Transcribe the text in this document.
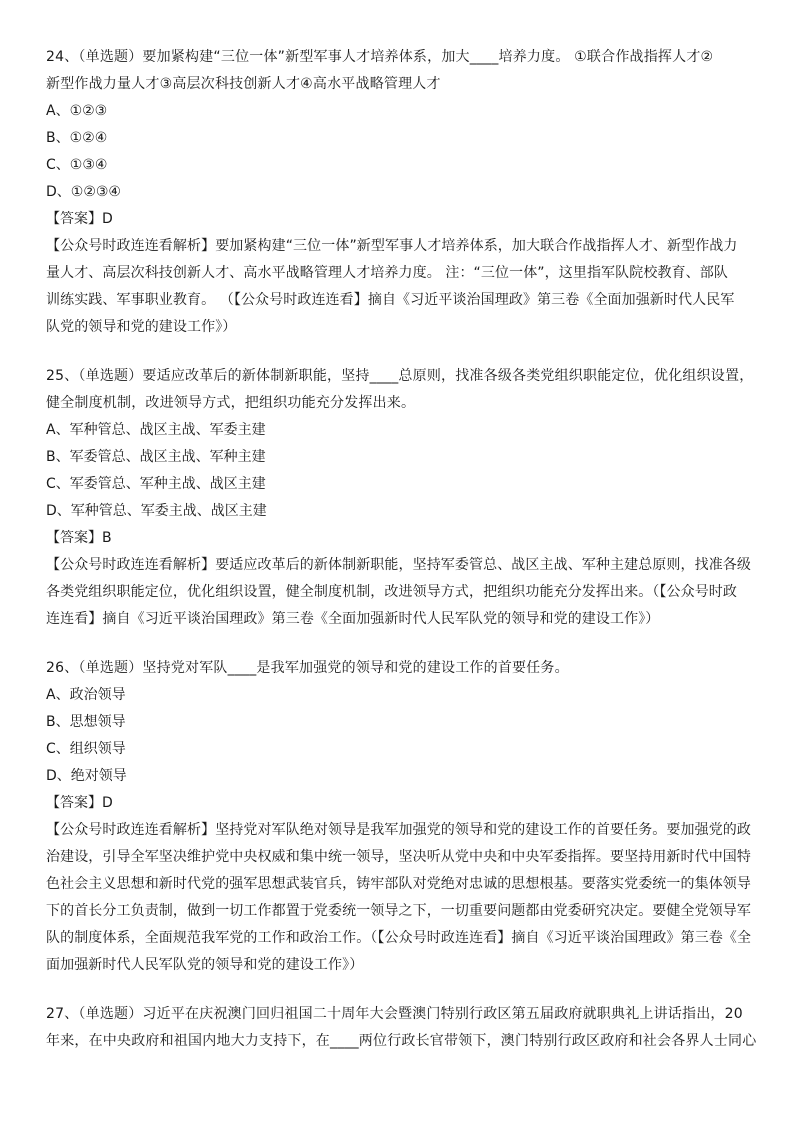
24、（单选题）要加紧构建“三位一体”新型军事人才培养体系，加大____培养力度。 ①联合作战指挥人才②
新型作战力量人才③高层次科技创新人才④高水平战略管理人才
A、①②③
B、①②④
C、①③④
D、①②③④
【答案】D
【公众号时政连连看解析】要加紧构建“三位一体”新型军事人才培养体系，加大联合作战指挥人才、新型作战力
量人才、高层次科技创新人才、高水平战略管理人才培养力度。 注：“三位一体”，这里指军队院校教育、部队
训练实践、军事职业教育。 （【公众号时政连连看】摘自《习近平谈治国理政》第三卷《全面加强新时代人民军
队党的领导和党的建设工作》）
25、（单选题）要适应改革后的新体制新职能，坚持____总原则，找准各级各类党组织职能定位，优化组织设置，
健全制度机制，改进领导方式，把组织功能充分发挥出来。
A、军种管总、战区主战、军委主建
B、军委管总、战区主战、军种主建
C、军委管总、军种主战、战区主建
D、军种管总、军委主战、战区主建
【答案】B
【公众号时政连连看解析】要适应改革后的新体制新职能，坚持军委管总、战区主战、军种主建总原则，找准各级
各类党组织职能定位，优化组织设置，健全制度机制，改进领导方式，把组织功能充分发挥出来。（【公众号时政
连连看】摘自《习近平谈治国理政》第三卷《全面加强新时代人民军队党的领导和党的建设工作》）
26、（单选题）坚持党对军队____是我军加强党的领导和党的建设工作的首要任务。
A、政治领导
B、思想领导
C、组织领导
D、绝对领导
【答案】D
【公众号时政连连看解析】坚持党对军队绝对领导是我军加强党的领导和党的建设工作的首要任务。要加强党的政
治建设，引导全军坚决维护党中央权威和集中统一领导，坚决听从党中央和中央军委指挥。要坚持用新时代中国特
色社会主义思想和新时代党的强军思想武装官兵，铸牢部队对党绝对忠诚的思想根基。要落实党委统一的集体领导
下的首长分工负责制，做到一切工作都置于党委统一领导之下，一切重要问题都由党委研究决定。要健全党领导军
队的制度体系，全面规范我军党的工作和政治工作。（【公众号时政连连看】摘自《习近平谈治国理政》第三卷《全
面加强新时代人民军队党的领导和党的建设工作》）
27、（单选题）习近平在庆祝澳门回归祖国二十周年大会暨澳门特别行政区第五届政府就职典礼上讲话指出，20
年来，在中央政府和祖国内地大力支持下，在____两位行政长官带领下，澳门特别行政区政府和社会各界人士同心
